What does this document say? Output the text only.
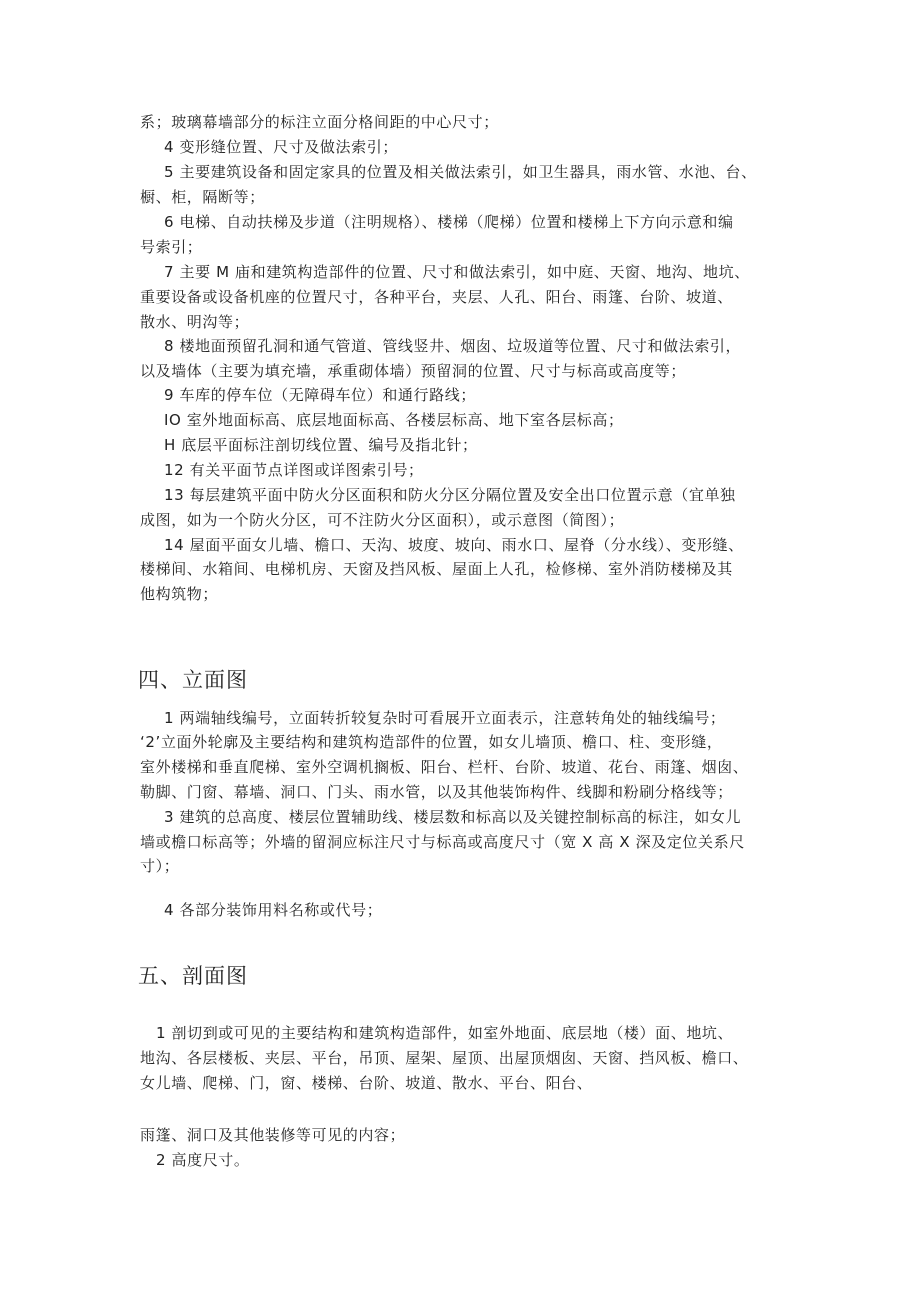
系；玻璃幕墙部分的标注立面分格间距的中心尺寸；
4 变形缝位置、尺寸及做法索引；
5 主要建筑设备和固定家具的位置及相关做法索引，如卫生器具，雨水管、水池、台、
橱、柜，隔断等；
6 电梯、自动扶梯及步道（注明规格）、楼梯（爬梯）位置和楼梯上下方向示意和编
号索引；
7 主要 M 庙和建筑构造部件的位置、尺寸和做法索引，如中庭、天窗、地沟、地坑、
重要设备或设备机座的位置尺寸，各种平台，夹层、人孔、阳台、雨篷、台阶、坡道、
散水、明沟等；
8 楼地面预留孔洞和通气管道、管线竖井、烟囱、垃圾道等位置、尺寸和做法索引，
以及墙体（主要为填充墙，承重砌体墙）预留洞的位置、尺寸与标高或高度等；
9 车库的停车位（无障碍车位）和通行路线；
IO 室外地面标高、底层地面标高、各楼层标高、地下室各层标高；
H 底层平面标注剖切线位置、编号及指北针；
12 有关平面节点详图或详图索引号；
13 每层建筑平面中防火分区面积和防火分区分隔位置及安全出口位置示意（宜单独
成图，如为一个防火分区，可不注防火分区面积），或示意图（简图）；
14 屋面平面女儿墙、檐口、天沟、坡度、坡向、雨水口、屋脊（分水线）、变形缝、
楼梯间、水箱间、电梯机房、天窗及挡风板、屋面上人孔，检修梯、室外消防楼梯及其
他构筑物；
四、立面图
1 两端轴线编号，立面转折较复杂时可看展开立面表示，注意转角处的轴线编号；
‘2’立面外轮廓及主要结构和建筑构造部件的位置，如女儿墙顶、檐口、柱、变形缝，
室外楼梯和垂直爬梯、室外空调机搁板、阳台、栏杆、台阶、坡道、花台、雨篷、烟囱、
勒脚、门窗、幕墙、洞口、门头、雨水管，以及其他装饰构件、线脚和粉刷分格线等；
3 建筑的总高度、楼层位置辅助线、楼层数和标高以及关键控制标高的标注，如女儿
墙或檐口标高等；外墙的留洞应标注尺寸与标高或高度尺寸（宽 X 高 X 深及定位关系尺
寸）；
4 各部分装饰用料名称或代号；
五、剖面图
1 剖切到或可见的主要结构和建筑构造部件，如室外地面、底层地（楼）面、地坑、
地沟、各层楼板、夹层、平台，吊顶、屋架、屋顶、出屋顶烟囱、天窗、挡风板、檐口、
女儿墙、爬梯、门，窗、楼梯、台阶、坡道、散水、平台、阳台、
雨篷、洞口及其他装修等可见的内容；
2 高度尺寸。
